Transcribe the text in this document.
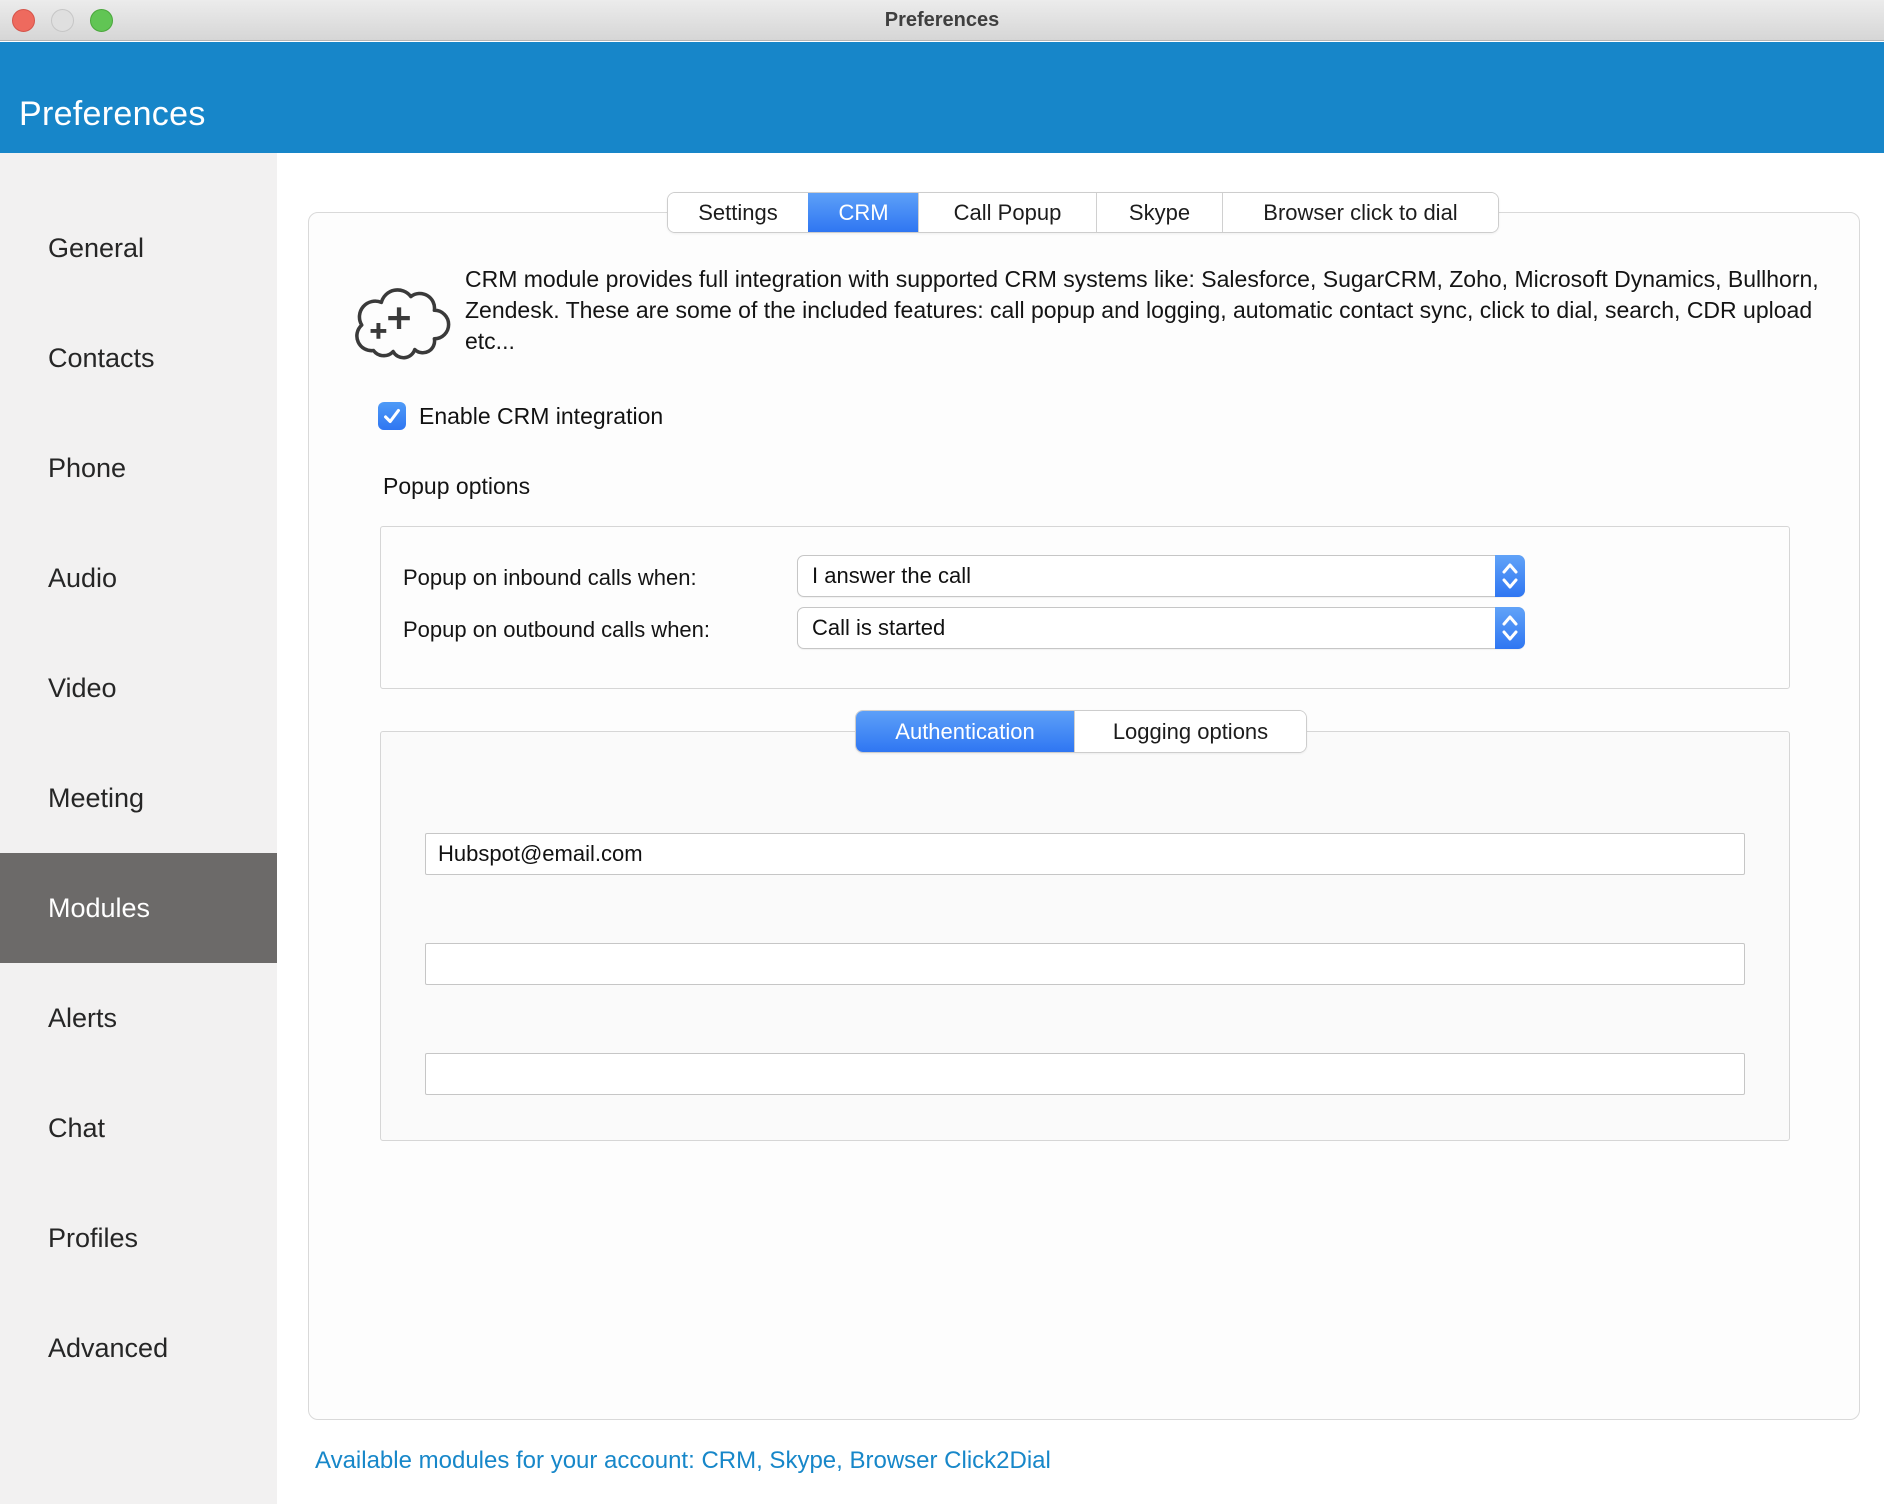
Preferences
Preferences
General
Contacts
Phone
Audio
Video
Meeting
Modules
Alerts
Chat
Profiles
Advanced
Settings	CRM	Call Popup	Skype	Browser click to dial
CRM module provides full integration with supported CRM systems like: Salesforce, SugarCRM, Zoho, Microsoft Dynamics, Bullhorn, Zendesk. These are some of the included features: call popup and logging, automatic contact sync, click to dial, search, CDR upload etc...
Enable CRM integration
Popup options
Popup on inbound calls when:	I answer the call
Popup on outbound calls when:	Call is started
Authentication	Logging options
Hubspot@email.com
Available modules for your account: CRM, Skype, Browser Click2Dial
